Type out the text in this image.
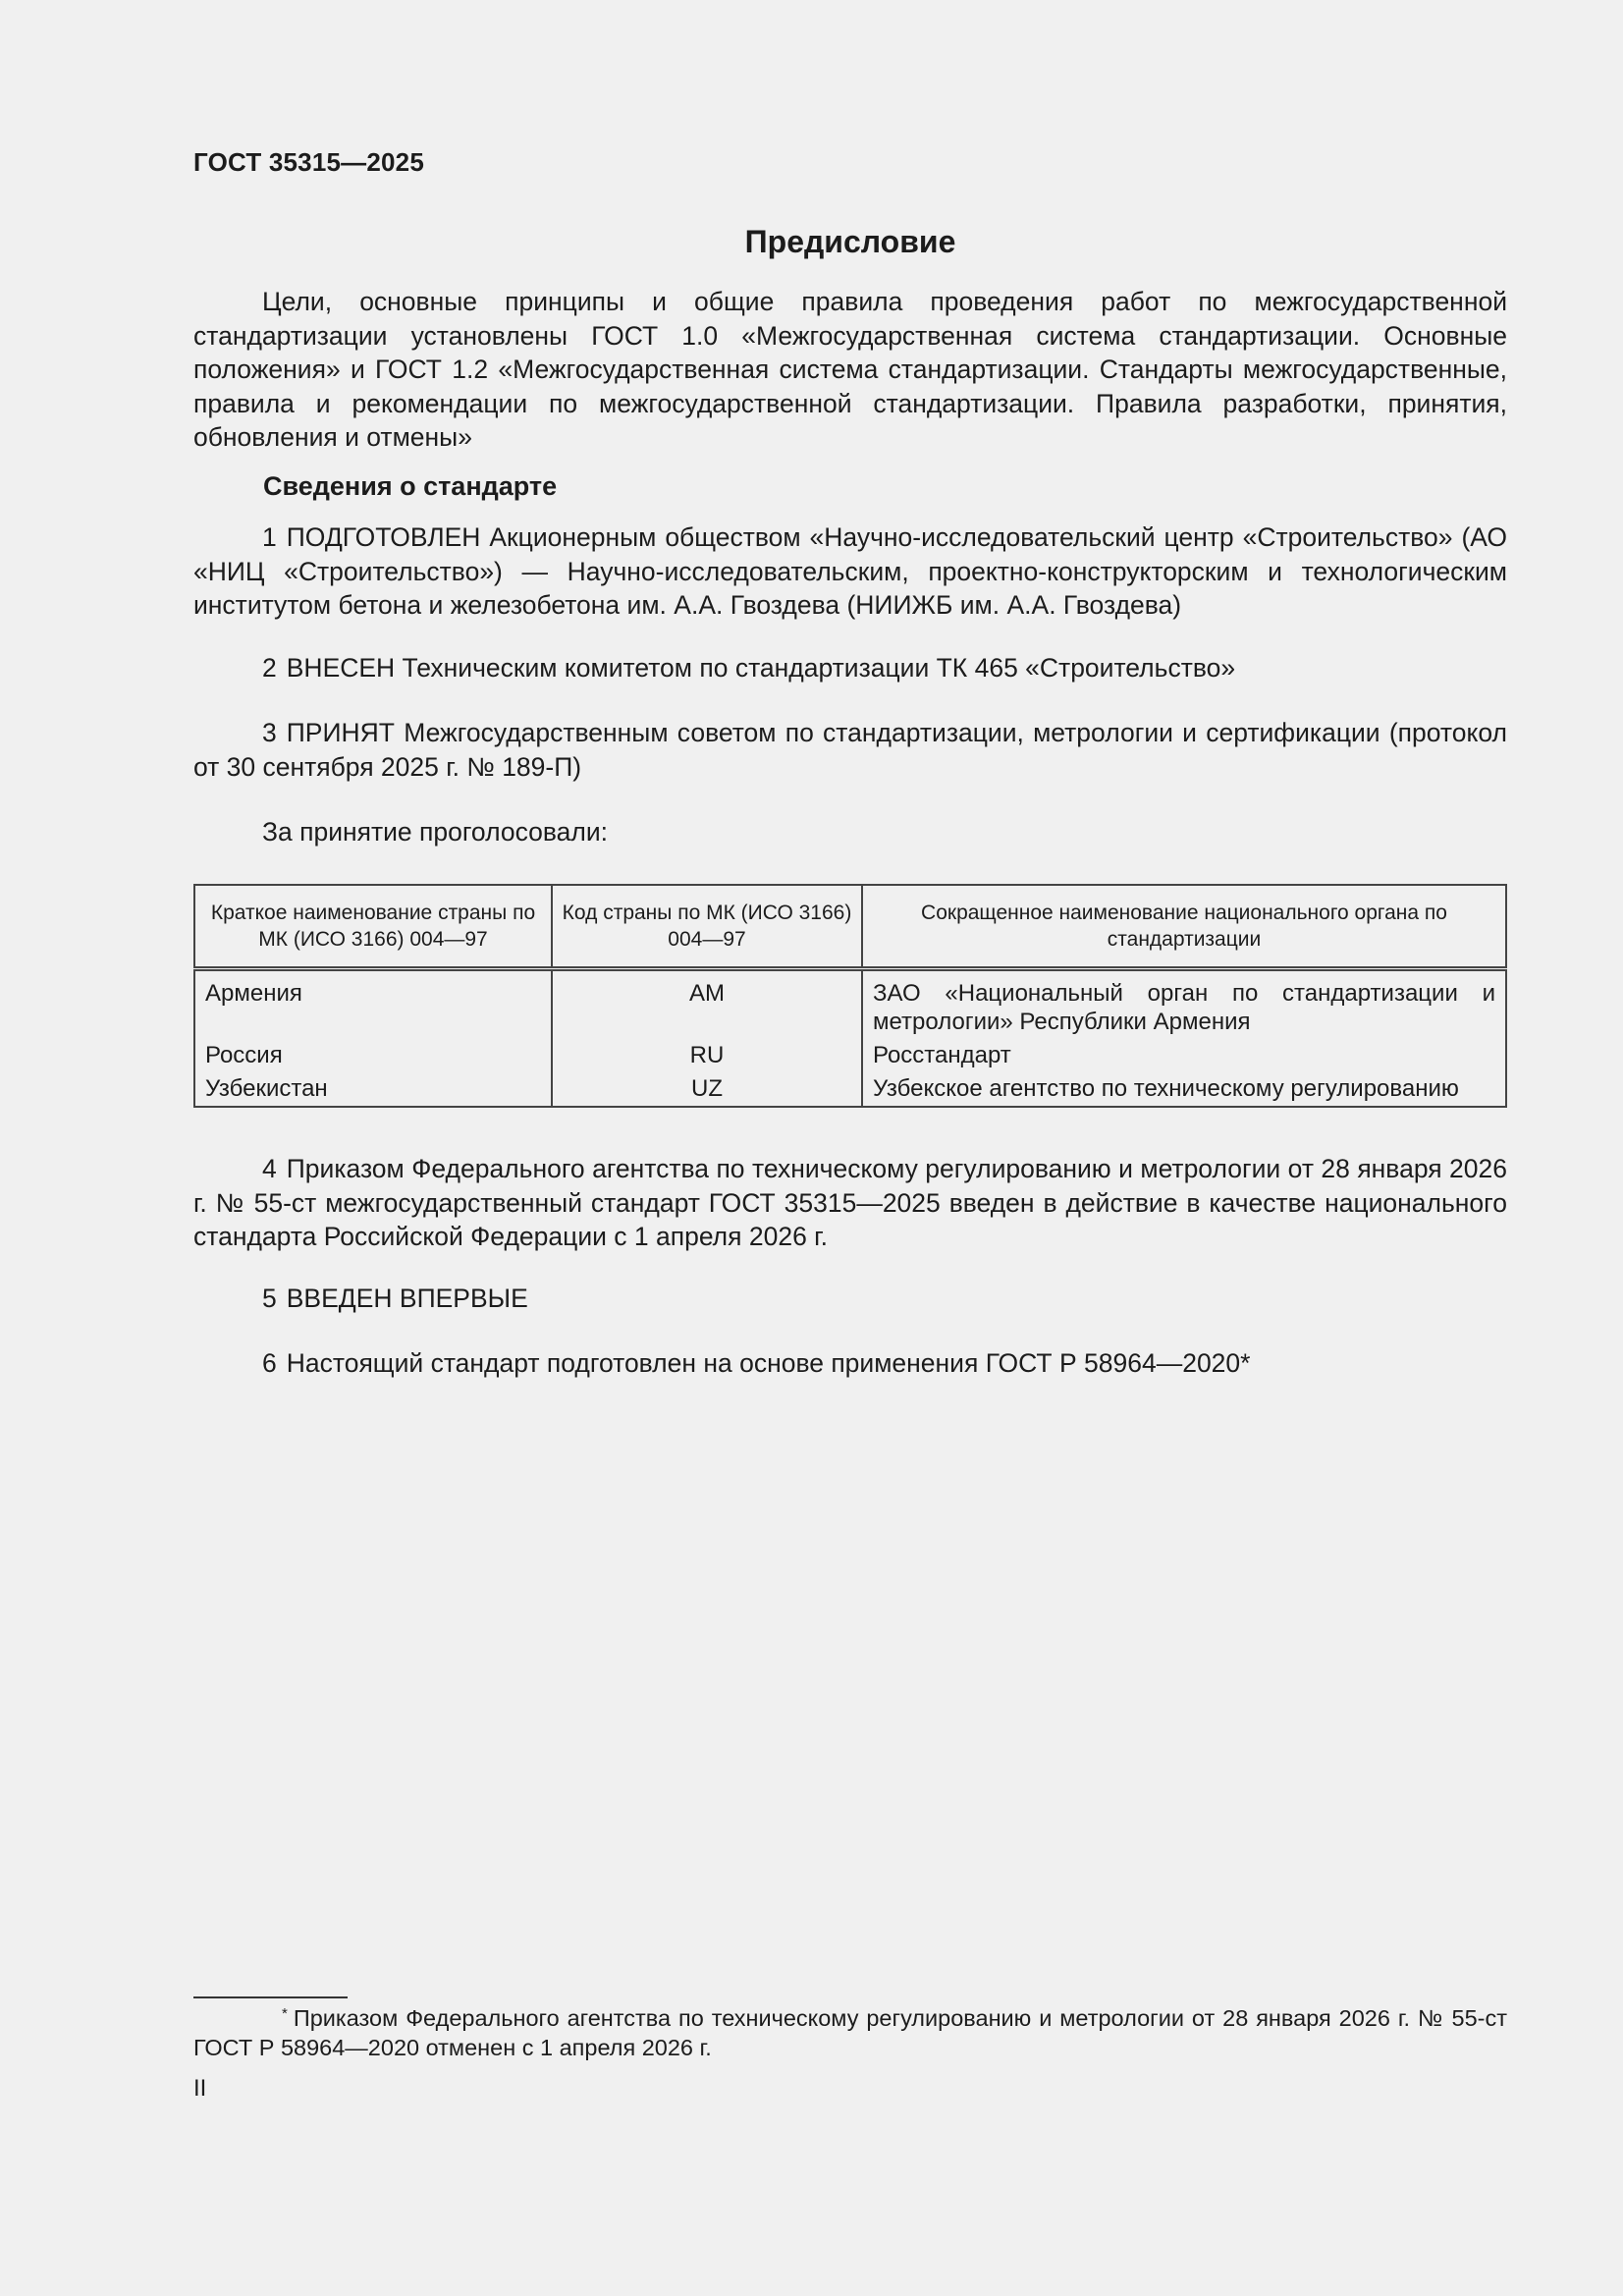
ГОСТ 35315—2025
Предисловие
Цели, основные принципы и общие правила проведения работ по межгосударственной стандартизации установлены ГОСТ 1.0 «Межгосударственная система стандартизации. Основные положения» и ГОСТ 1.2 «Межгосударственная система стандартизации. Стандарты межгосударственные, правила и рекомендации по межгосударственной стандартизации. Правила разработки, принятия, обновления и отмены»
Сведения о стандарте
1 ПОДГОТОВЛЕН Акционерным обществом «Научно-исследовательский центр «Строительство» (АО «НИЦ «Строительство») — Научно-исследовательским, проектно-конструкторским и технологическим институтом бетона и железобетона им. А.А. Гвоздева (НИИЖБ им. А.А. Гвоздева)
2 ВНЕСЕН Техническим комитетом по стандартизации ТК 465 «Строительство»
3 ПРИНЯТ Межгосударственным советом по стандартизации, метрологии и сертификации (протокол от 30 сентября 2025 г. № 189-П)
За принятие проголосовали:
Краткое наименование страны по МК (ИСО 3166) 004—97	Код страны по МК (ИСО 3166) 004—97	Сокращенное наименование национального органа по стандартизации
Армения	AM	ЗАО «Национальный орган по стандартизации и метрологии» Республики Армения
Россия	RU	Росстандарт
Узбекистан	UZ	Узбекское агентство по техническому регулированию
4 Приказом Федерального агентства по техническому регулированию и метрологии от 28 января 2026 г. № 55-ст межгосударственный стандарт ГОСТ 35315—2025 введен в действие в качестве национального стандарта Российской Федерации с 1 апреля 2026 г.
5 ВВЕДЕН ВПЕРВЫЕ
6 Настоящий стандарт подготовлен на основе применения ГОСТ Р 58964—2020*
* Приказом Федерального агентства по техническому регулированию и метрологии от 28 января 2026 г. № 55-ст ГОСТ Р 58964—2020 отменен с 1 апреля 2026 г.
II
